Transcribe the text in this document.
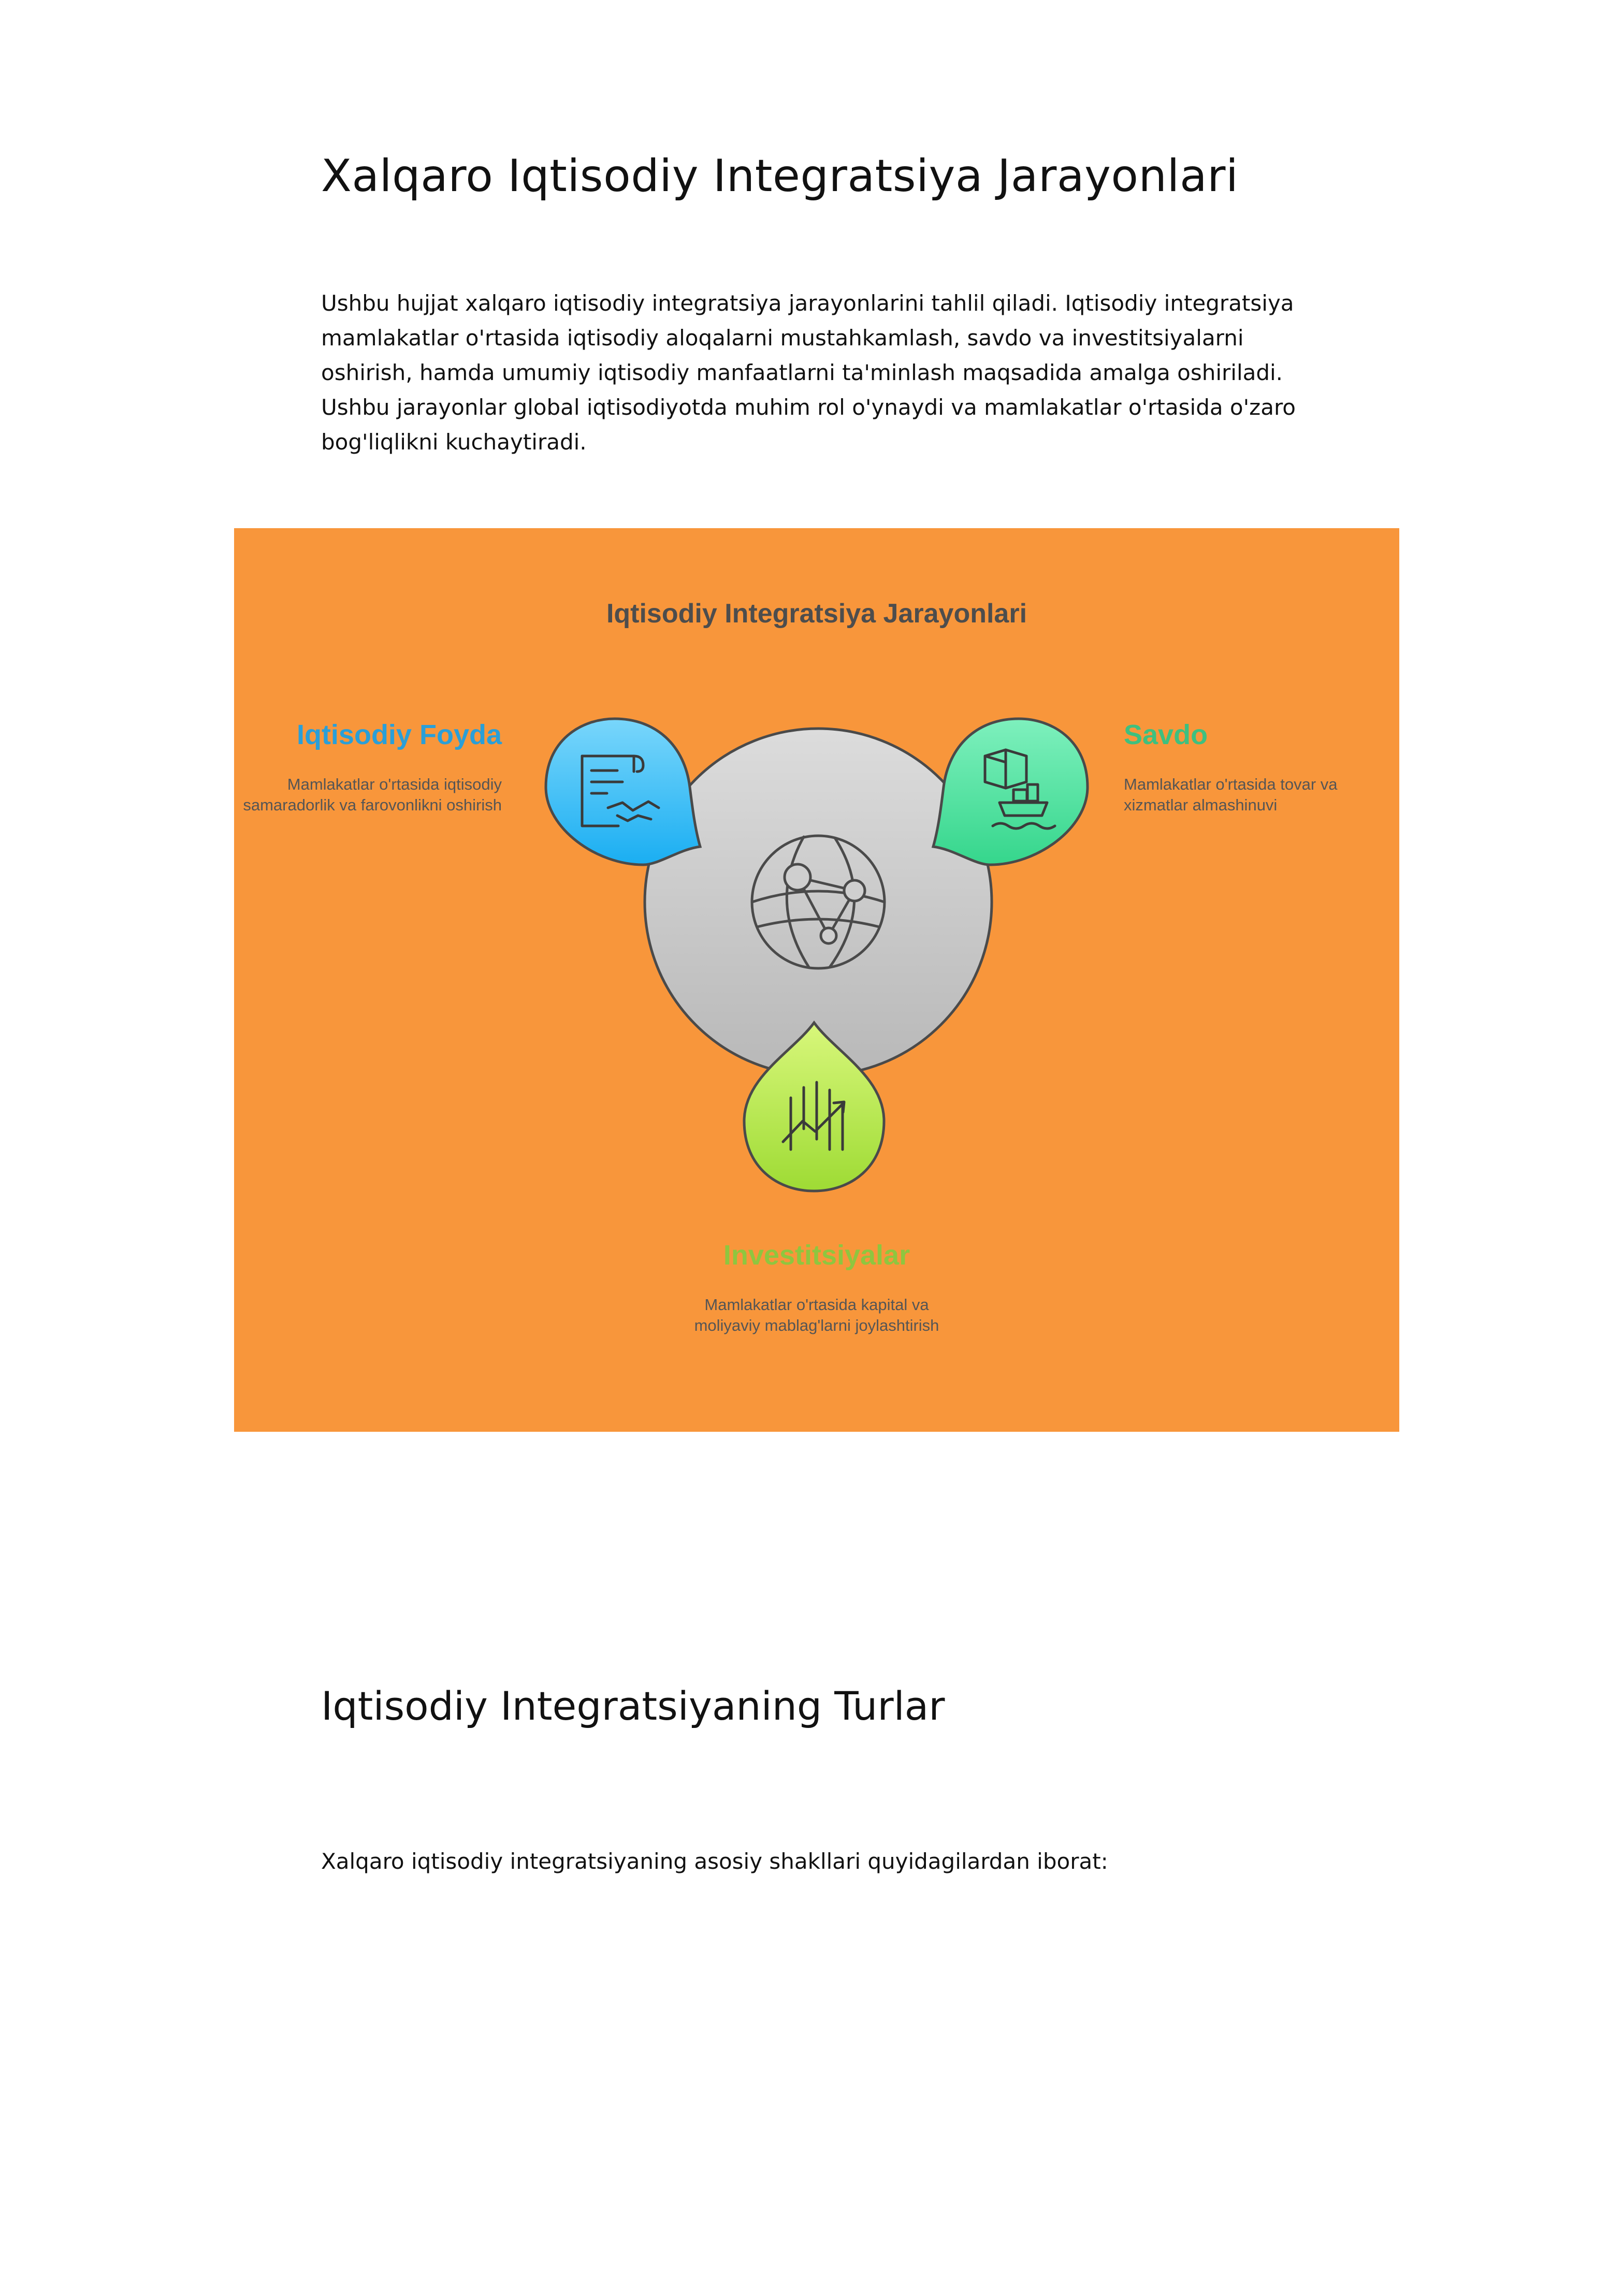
Xalqaro Iqtisodiy Integratsiya Jarayonlari

Ushbu hujjat xalqaro iqtisodiy integratsiya jarayonlarini tahlil qiladi. Iqtisodiy integratsiya mamlakatlar o'rtasida iqtisodiy aloqalarni mustahkamlash, savdo va investitsiyalarni oshirish, hamda umumiy iqtisodiy manfaatlarni ta'minlash maqsadida amalga oshiriladi. Ushbu jarayonlar global iqtisodiyotda muhim rol o'ynaydi va mamlakatlar o'rtasida o'zaro bog'liqlikni kuchaytiradi.

Iqtisodiy Integratsiya Jarayonlari
Iqtisodiy Foyda

Mamlakatlar o'rtasida iqtisodiy samaradorlik va farovonlikni oshirish

Savdo

Mamlakatlar o'rtasida tovar va xizmatlar almashinuvi

Investitsiyalar

Mamlakatlar o'rtasida kapital va moliyaviy mablag'larni joylashtirish

Iqtisodiy Integratsiyaning Turlar

Xalqaro iqtisodiy integratsiyaning asosiy shakllari quyidagilardan iborat:
